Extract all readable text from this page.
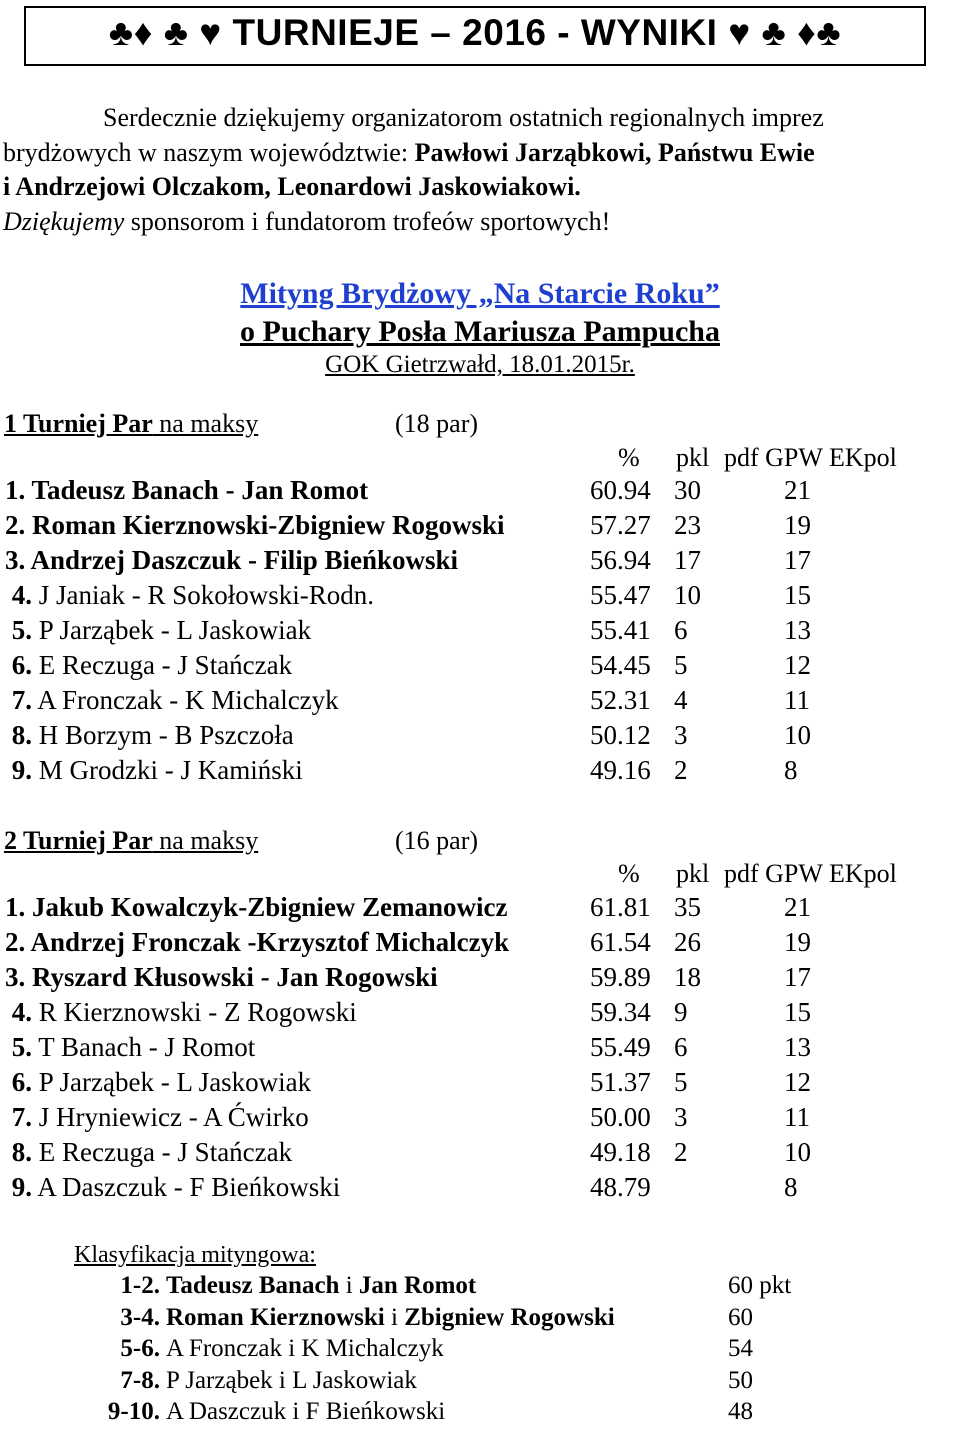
♣♦ ♣ ♥ TURNIEJE – 2016 - WYNIKI ♥ ♣ ♦♣

Serdecznie dziękujemy organizatorom ostatnich regionalnych imprez

brydżowych w naszym województwie: Pawłowi Jarząbkowi, Państwu Ewie

i Andrzejowi Olczakom, Leonardowi Jaskowiakowi.

Dziękujemy sponsorom i fundatorom trofeów sportowych!

Mityng Brydżowy „Na Starcie Roku”
o Puchary Posła Mariusza Pampucha
GOK Gietrzwałd, 18.01.2015r.
1 Turniej Par na maksy	(18 par)
% pkl pdf GPW EKpol
1. Tadeusz Banach - Jan Romot	60.94 30	21
2. Roman Kierznowski-Zbigniew Rogowski	57.27 23	19
3. Andrzej Daszczuk - Filip Bieńkowski	56.94 17	17
4. J Janiak - R Sokołowski-Rodn.	55.47 10	15
5. P Jarząbek - L Jaskowiak	55.41 6	13
6. E Reczuga - J Stańczak	54.45 5	12
7. A Fronczak - K Michalczyk	52.31 4	11
8. H Borzym - B Pszczoła	50.12 3	10
9. M Grodzki - J Kamiński	49.16 2	8
2 Turniej Par na maksy	(16 par)
% pkl pdf GPW EKpol
1. Jakub Kowalczyk-Zbigniew Zemanowicz	61.81 35	21
2. Andrzej Fronczak -Krzysztof Michalczyk	61.54 26	19
3. Ryszard Kłusowski - Jan Rogowski	59.89 18	17
4. R Kierznowski - Z Rogowski	59.34 9	15
5. T Banach - J Romot	55.49 6	13
6. P Jarząbek - L Jaskowiak	51.37 5	12
7. J Hryniewicz - A Ćwirko	50.00 3	11
8. E Reczuga - J Stańczak	49.18 2	10
9. A Daszczuk - F Bieńkowski	48.79	8
Klasyfikacja mityngowa:
1-2. Tadeusz Banach i Jan Romot	60 pkt
3-4. Roman Kierznowski i Zbigniew Rogowski	60
5-6. A Fronczak i K Michalczyk	54
7-8. P Jarząbek i L Jaskowiak	50
9-10. A Daszczuk i F Bieńkowski	48
